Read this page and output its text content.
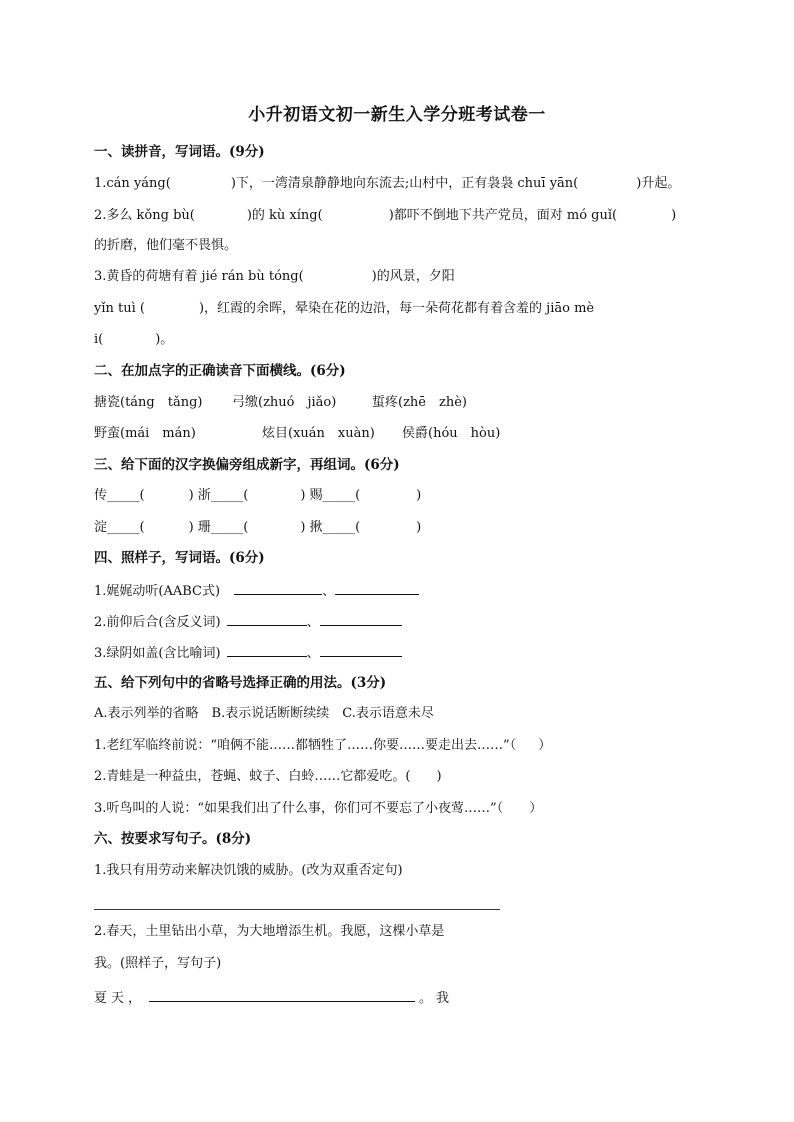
小升初语文初一新生入学分班考试卷一
一、读拼音，写词语。(9分)
1.cán yáng(	)下，一湾清泉静静地向东流去;山村中，正有袅袅 chuī yān(	)升起。
2.多么 kǒng bù(	)的 kù xíng(	)都吓不倒地下共产党员，面对 mó guǐ(	)
的折磨，他们毫不畏惧。
3.黄昏的荷塘有着 jié rán bù tóng(	)的风景，夕阳
yǐn tuì (	)，红霞的余晖，晕染在花的边沿，每一朵荷花都有着含羞的 jiāo mè
i(　　　　)。
二、在加点字的正确读音下面横线。(6分)
搪瓷(táng　tǎng) 弓缴(zhuó　jiǎo)	蜇疼(zhē　zhè)
野蛮(mái　mán)	炫目(xuán　xuàn) 侯爵(hóu　hòu)
三、给下面的汉字换偏旁组成新字，再组词。(6分)
传_____(	) 浙_____(	) 赐_____(	)
淀_____(	) 珊_____(	) 揪_____(	)
四、照样子，写词语。(6分)
1.娓娓动听(AABC式)	、
2.前仰后合(含反义词)	、
3.绿阴如盖(含比喻词)	、
五、给下列句中的省略号选择正确的用法。(3分)
A.表示列举的省略　B.表示说话断断续续　C.表示语意未尽
1.老红军临终前说：“咱俩不能……都牺牲了……你要……要走出去……”（ ）
2.青蛙是一种益虫，苍蝇、蚊子、白蛉……它都爱吃。(　　)
3.听鸟叫的人说：“如果我们出了什么事，你们可不要忘了小夜莺……”（　　）
六、按要求写句子。(8分)
1.我只有用劳动来解决饥饿的威胁。(改为双重否定句)
2.春天，土里钻出小草，为大地增添生机。我愿，这棵小草是
我。(照样子，写句子)
夏天，	。我
